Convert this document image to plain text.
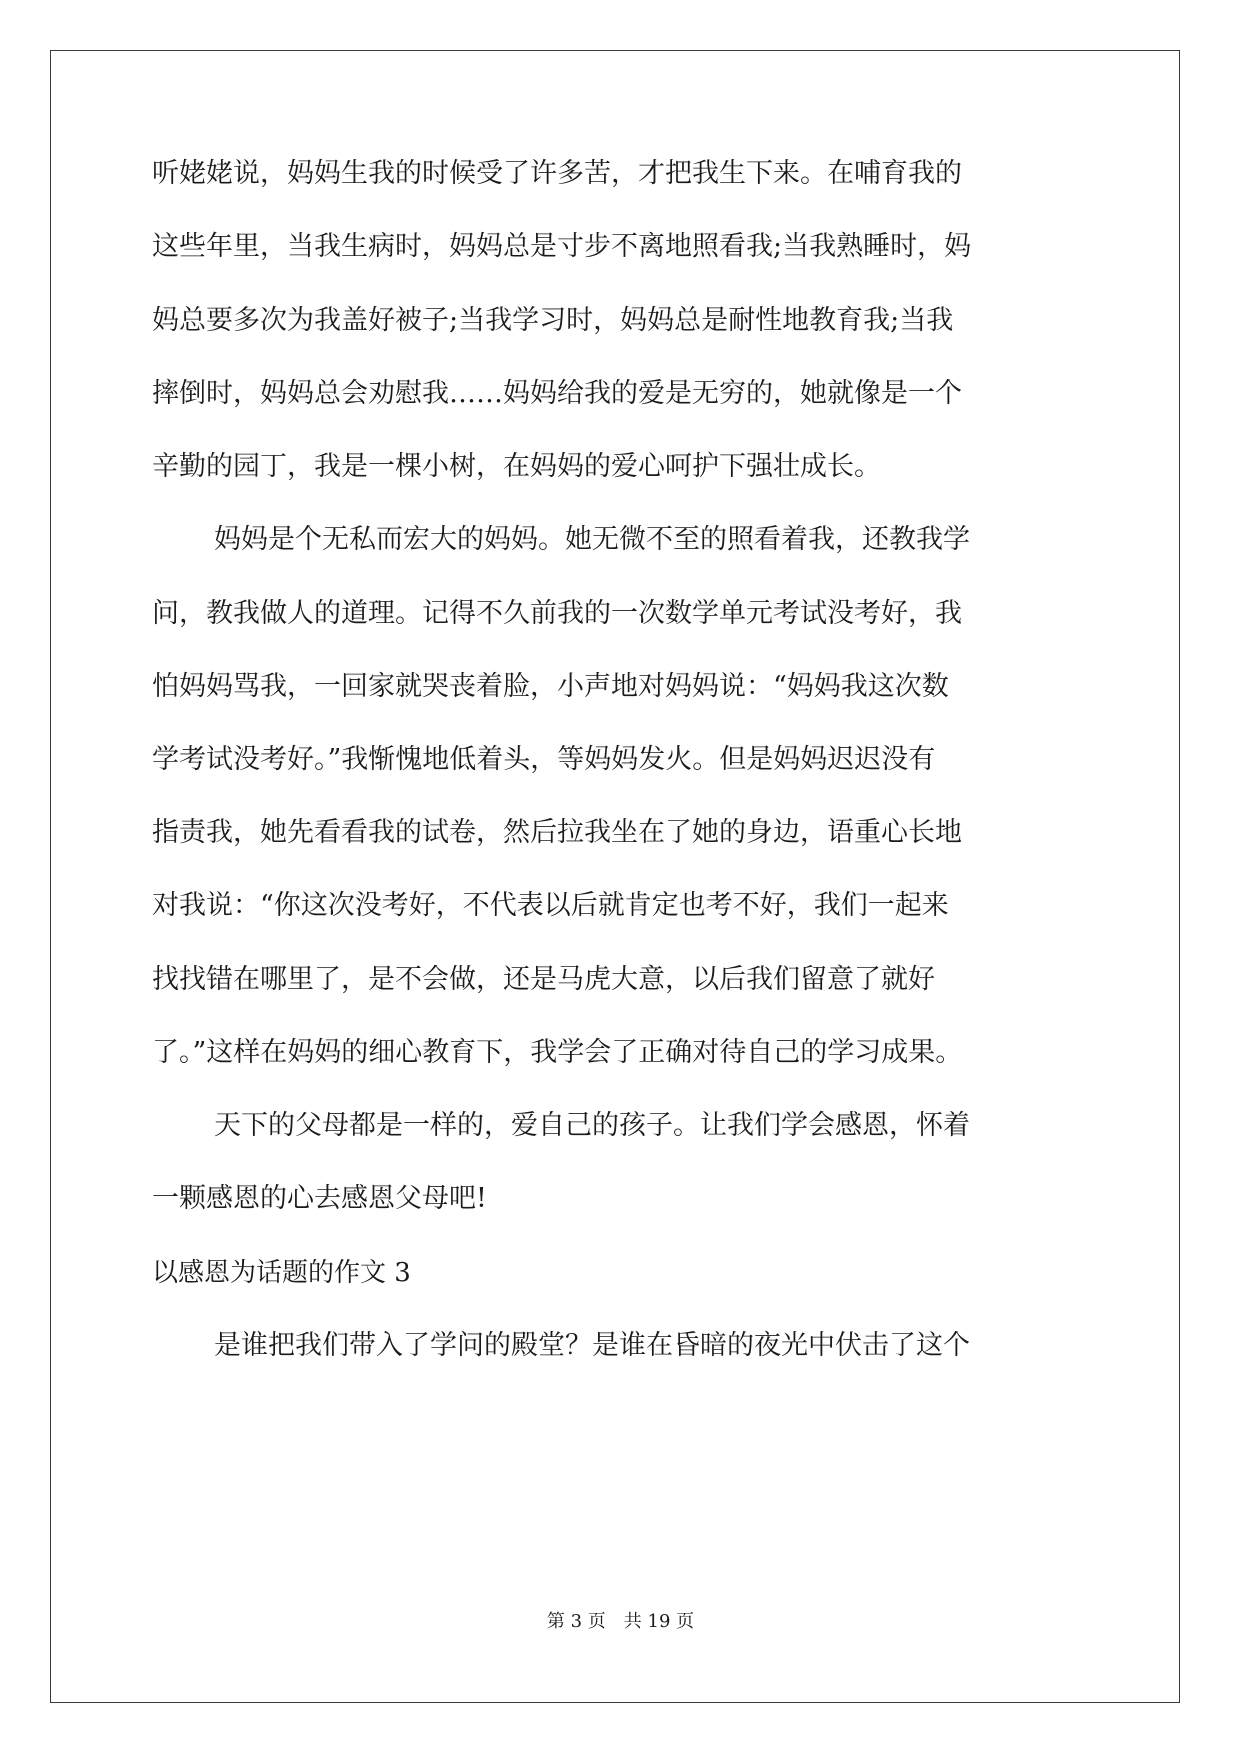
听姥姥说，妈妈生我的时候受了许多苦，才把我生下来。在哺育我的
这些年里，当我生病时，妈妈总是寸步不离地照看我;当我熟睡时，妈
妈总要多次为我盖好被子;当我学习时，妈妈总是耐性地教育我;当我
摔倒时，妈妈总会劝慰我……妈妈给我的爱是无穷的，她就像是一个
辛勤的园丁，我是一棵小树，在妈妈的爱心呵护下强壮成长。
妈妈是个无私而宏大的妈妈。她无微不至的照看着我，还教我学
问，教我做人的道理。记得不久前我的一次数学单元考试没考好，我
怕妈妈骂我，一回家就哭丧着脸，小声地对妈妈说：“妈妈我这次数
学考试没考好。”我惭愧地低着头，等妈妈发火。但是妈妈迟迟没有
指责我，她先看看我的试卷，然后拉我坐在了她的身边，语重心长地
对我说：“你这次没考好，不代表以后就肯定也考不好，我们一起来
找找错在哪里了，是不会做，还是马虎大意，以后我们留意了就好
了。”这样在妈妈的细心教育下，我学会了正确对待自己的学习成果。
天下的父母都是一样的，爱自己的孩子。让我们学会感恩，怀着
一颗感恩的心去感恩父母吧!
以感恩为话题的作文 3
是谁把我们带入了学问的殿堂？是谁在昏暗的夜光中伏击了这个
第 3 页 共 19 页
